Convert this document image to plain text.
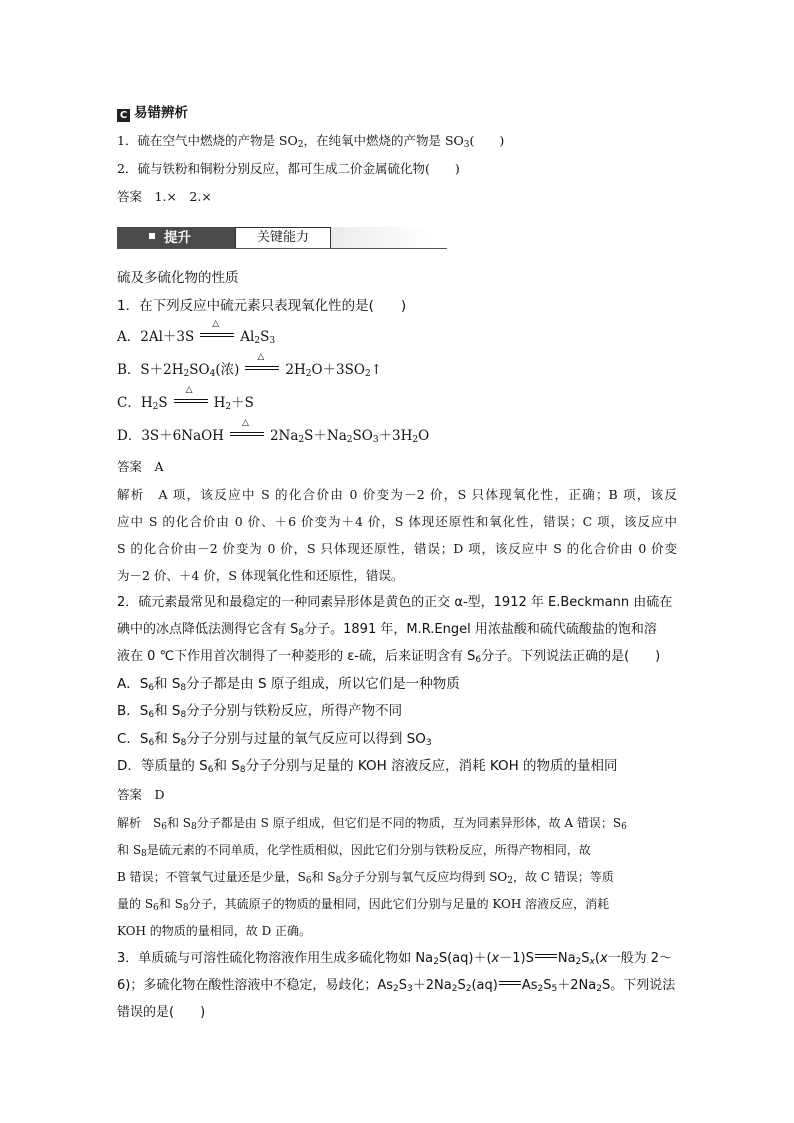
C 易错辨析
1．硫在空气中燃烧的产物是 $SO_2$，在纯氧中燃烧的产物是 $SO_3$(　　)
2．硫与铁粉和铜粉分别反应，都可生成二价金属硫化物(　　)
答案　1.×　2.×
提升	关键能力
硫及多硫化物的性质
1．在下列反应中硫元素只表现氧化性的是(　　)
A．2Al＋3S
△
$Al_2S_3$
B．$S+2H_2SO_4$(浓)
△
$2H_2O+3SO_2↑$
C．$H_2S$
△
$H_2+S$
D．3S＋6NaOH
△
$2Na_2S+Na_2SO_3+3H_2O$
答案　A
解析　A 项，该反应中 S 的化合价由 0 价变为－2 价，S 只体现氧化性，正确；B 项，该反
应中 S 的化合价由 0 价、＋6 价变为＋4 价，S 体现还原性和氧化性，错误；C 项，该反应中
S 的化合价由－2 价变为 0 价，S 只体现还原性，错误；D 项，该反应中 S 的化合价由 0 价变
为－2 价、＋4 价，S 体现氧化性和还原性，错误。
2．硫元素最常见和最稳定的一种同素异形体是黄色的正交 α-型，1912 年 E.Beckmann 由硫在
碘中的冰点降低法测得它含有 $S_8$分子。1891 年，M.R.Engel 用浓盐酸和硫代硫酸盐的饱和溶
液在 0 ℃下作用首次制得了一种菱形的 ε-硫，后来证明含有 $S_6$分子。下列说法正确的是(　　)
A．$S_6$和 $S_8$分子都是由 S 原子组成，所以它们是一种物质
B．$S_6$和 $S_8$分子分别与铁粉反应，所得产物不同
C．$S_6$和 $S_8$分子分别与过量的氧气反应可以得到 $SO_3$
D．等质量的 $S_6$和 $S_8$分子分别与足量的 KOH 溶液反应，消耗 KOH 的物质的量相同
答案　D
解析　$S_6$和 $S_8$分子都是由 S 原子组成，但它们是不同的物质，互为同素异形体，故 A 错误；$S_6$
和 $S_8$是硫元素的不同单质，化学性质相似，因此它们分别与铁粉反应，所得产物相同，故
B 错误；不管氧气过量还是少量，$S_6$和 $S_8$分子分别与氧气反应均得到 $SO_2$，故 C 错误；等质
量的 $S_6$和 $S_8$分子，其硫原子的物质的量相同，因此它们分别与足量的 KOH 溶液反应，消耗
KOH 的物质的量相同，故 D 正确。
3．单质硫与可溶性硫化物溶液作用生成多硫化物如 $Na_2S(aq)+(x-1)S$ $Na_2S_x(x$一般为 2～
6)；多硫化物在酸性溶液中不稳定，易歧化；$As_2S_3+2Na_2S_2(aq)$ $As_2S_5+2Na_2S$。下列说法
错误的是(　　)
